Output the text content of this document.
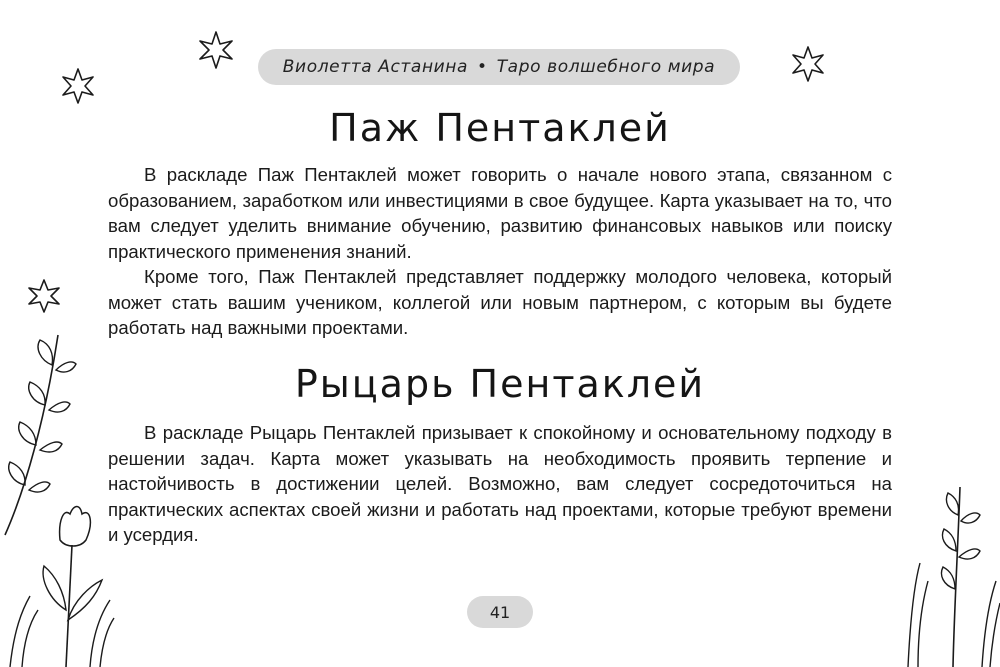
Виолетта Астанина • Таро волшебного мира
Паж Пентаклей

В раскладе Паж Пентаклей может говорить о начале нового этапа, связанном с образованием, заработком или инвестициями в свое будущее. Карта указывает на то, что вам следует уделить внимание обучению, развитию финансовых навыков или поиску практического применения знаний.

Кроме того, Паж Пентаклей представляет поддержку молодого человека, который может стать вашим учеником, коллегой или новым партнером, с которым вы будете работать над важными проектами.

Рыцарь Пентаклей

В раскладе Рыцарь Пентаклей призывает к спокойному и основательному подходу в решении задач. Карта может указывать на необходимость проявить терпение и настойчивость в достижении целей. Возможно, вам следует сосредоточиться на практических аспектах своей жизни и работать над проектами, которые требуют времени и усердия.

41
